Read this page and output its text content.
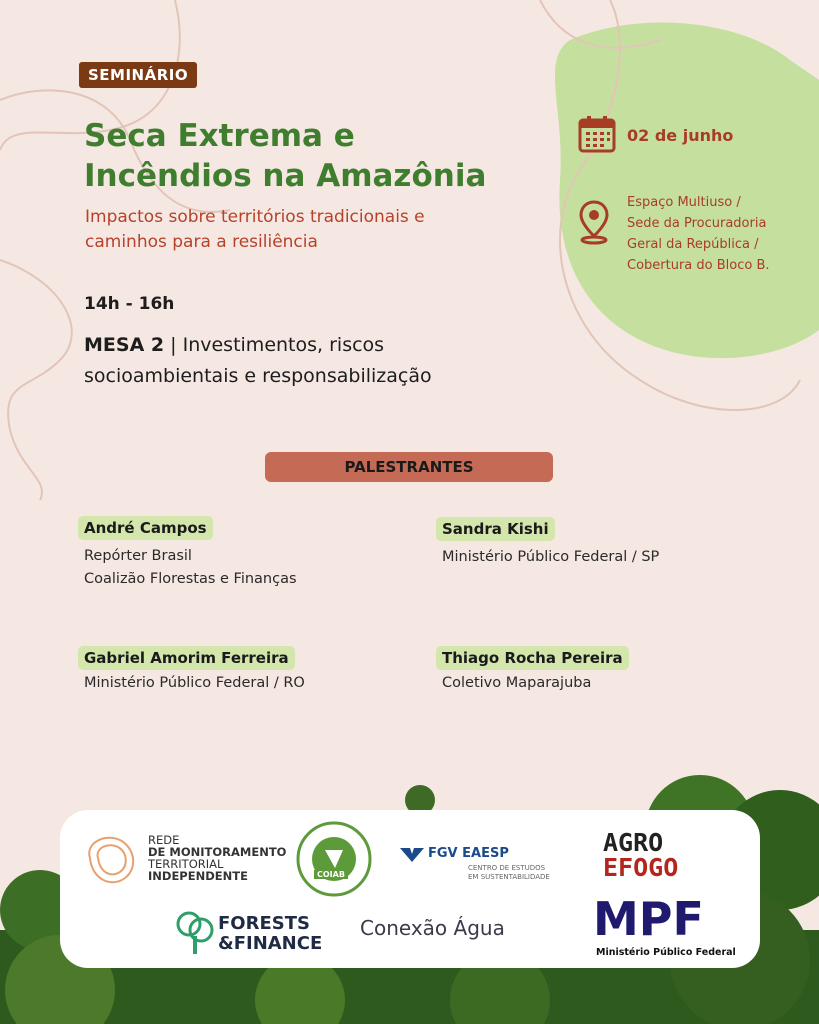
SEMINÁRIO
Seca Extrema e
Incêndios na Amazônia
Impactos sobre territórios tradicionais e
caminhos para a resiliência
14h - 16h
MESA 2 | Investimentos, riscos
socioambientais e responsabilização
02 de junho
Espaço Multiuso /
Sede da Procuradoria
Geral da República /
Cobertura do Bloco B.
PALESTRANTES
André Campos
Repórter Brasil
Coalizão Florestas e Finanças
Sandra Kishi
Ministério Público Federal / SP
Gabriel Amorim Ferreira
Ministério Público Federal / RO
Thiago Rocha Pereira
Coletivo Maparajuba
REDE
DE MONITORAMENTO
TERRITORIAL
INDEPENDENTE	COIAB
FGV EAESP
CENTRO DE ESTUDOS
EM SUSTENTABILIDADE
AGRO
EFOGO
FORESTS
&FINANCE
Conexão Água MPF
Ministério Público Federal
